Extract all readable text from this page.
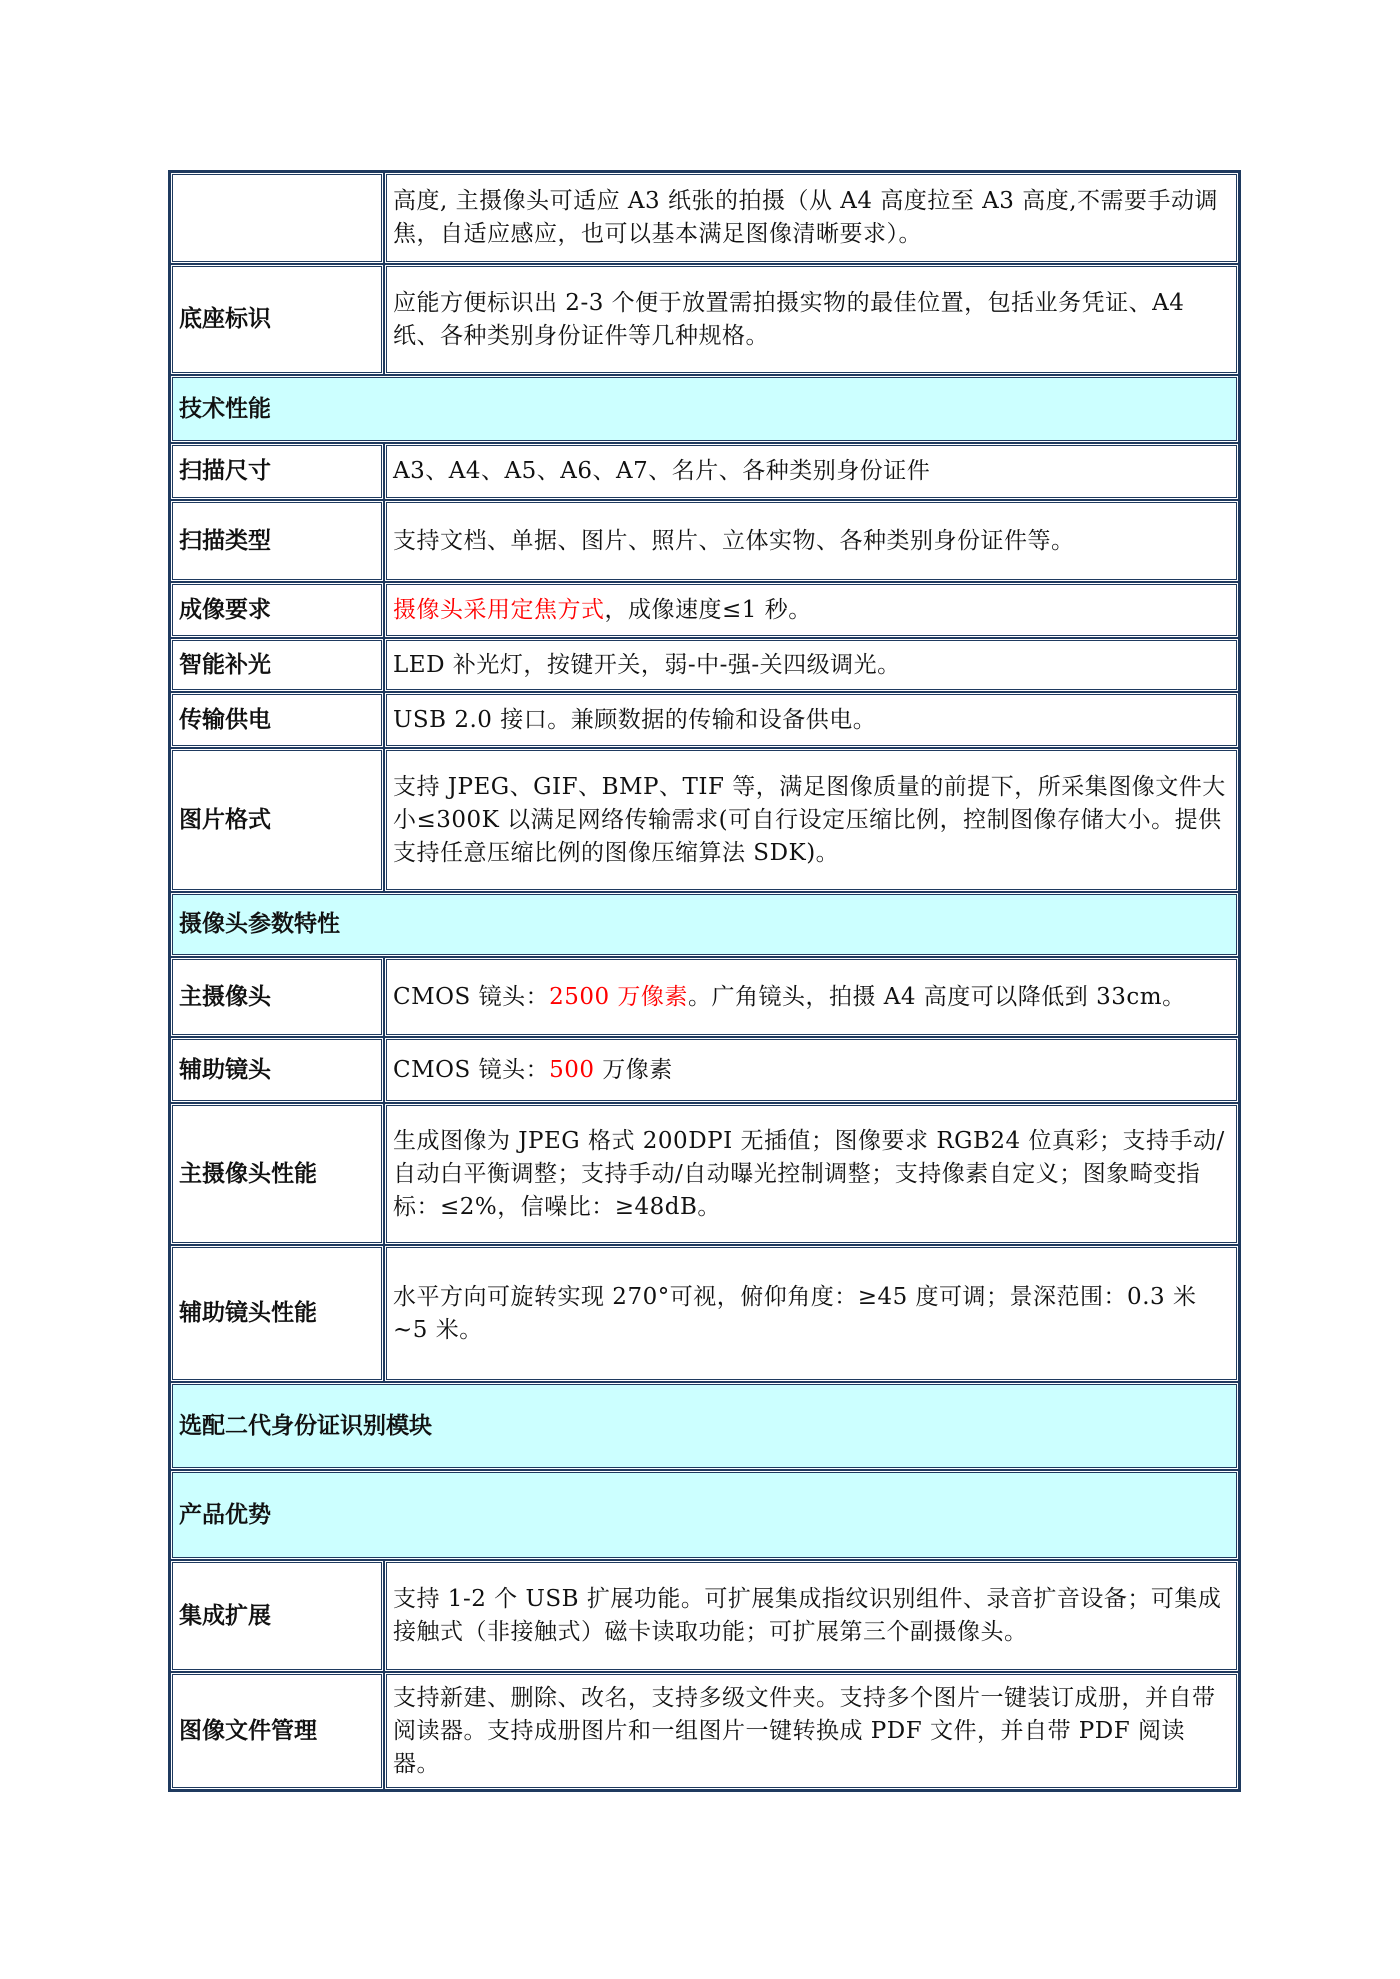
	高度, 主摄像头可适应 A3 纸张的拍摄（从 A4 高度拉至 A3 高度,不需要手动调焦，自适应感应，也可以基本满足图像清晰要求）。
底座标识	应能方便标识出 2-3 个便于放置需拍摄实物的最佳位置，包括业务凭证、A4 纸、各种类别身份证件等几种规格。
技术性能	
扫描尺寸	A3、A4、A5、A6、A7、名片、各种类别身份证件
扫描类型	支持文档、单据、图片、照片、立体实物、各种类别身份证件等。
成像要求	摄像头采用定焦方式，成像速度≤1 秒。
智能补光	LED 补光灯，按键开关，弱-中-强-关四级调光。
传输供电	USB 2.0 接口。兼顾数据的传输和设备供电。
图片格式	支持 JPEG、GIF、BMP、TIF 等，满足图像质量的前提下，所采集图像文件大小≤300K 以满足网络传输需求(可自行设定压缩比例，控制图像存储大小。提供支持任意压缩比例的图像压缩算法 SDK)。
摄像头参数特性	
主摄像头	CMOS 镜头：2500 万像素。广角镜头，拍摄 A4 高度可以降低到 33cm。
辅助镜头	CMOS 镜头：500 万像素
主摄像头性能	生成图像为 JPEG 格式 200DPI 无插值；图像要求 RGB24 位真彩；支持手动/自动白平衡调整；支持手动/自动曝光控制调整；支持像素自定义；图象畸变指标：≤2%，信噪比：≥48dB。
辅助镜头性能	水平方向可旋转实现 270°可视，俯仰角度：≥45 度可调；景深范围：0.3 米~5 米。
选配二代身份证识别模块	
产品优势	
集成扩展	支持 1-2 个 USB 扩展功能。可扩展集成指纹识别组件、录音扩音设备；可集成接触式（非接触式）磁卡读取功能；可扩展第三个副摄像头。
图像文件管理	支持新建、删除、改名，支持多级文件夹。支持多个图片一键装订成册，并自带阅读器。支持成册图片和一组图片一键转换成 PDF 文件，并自带 PDF 阅读器。
